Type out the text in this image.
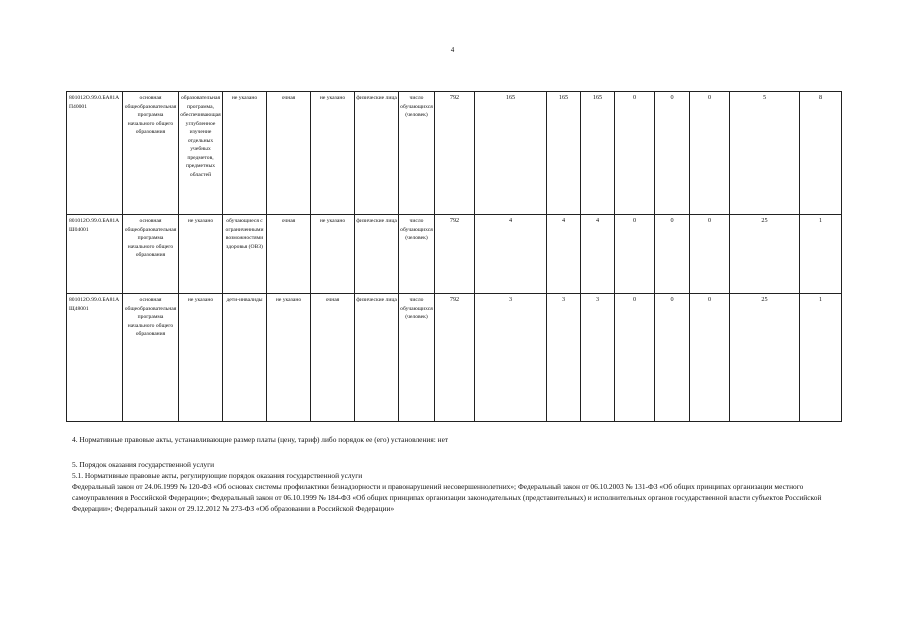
4
801012О.99.0.БА81АП40001	основная общеобразовательная программа начального общего образования	образовательная программа, обеспечивающая углубленное изучение отдельных учебных предметов, предметных областей	не указано	очная	не указано	физические лица	число обучающихся (человек)	792	165	165	165	0	0	0	5	8
801012О.99.0.БА81АШ04001	основная общеобразовательная программа начального общего образования	не указано	обучающиеся с ограниченными возможностями здоровья (ОВЗ)	очная	не указано	физические лица	число обучающихся (человек)	792	4	4	4	0	0	0	25	1
801012О.99.0.БА81АЩ48001	основная общеобразовательная программа начального общего образования	не указано	дети-инвалиды	не указано	очная	физические лица	число обучающихся (человек)	792	3	3	3	0	0	0	25	1

4. Нормативные правовые акты, устанавливающие размер платы (цену, тариф) либо порядок ее (его) установления: нет

5. Порядок оказания государственной услуги

5.1. Нормативные правовые акты, регулирующие порядок оказания государственной услуги

Федеральный закон от 24.06.1999 № 120-ФЗ «Об основах системы профилактики безнадзорности и правонарушений несовершеннолетних»; Федеральный закон от 06.10.2003 № 131-ФЗ «Об общих принципах организации местного самоуправления в Российской Федерации»; Федеральный закон от 06.10.1999 № 184-ФЗ «Об общих принципах организации законодательных (представительных) и исполнительных органов государственной власти субъектов Российской Федерации»; Федеральный закон от 29.12.2012 № 273-ФЗ «Об образовании в Российской Федерации»
